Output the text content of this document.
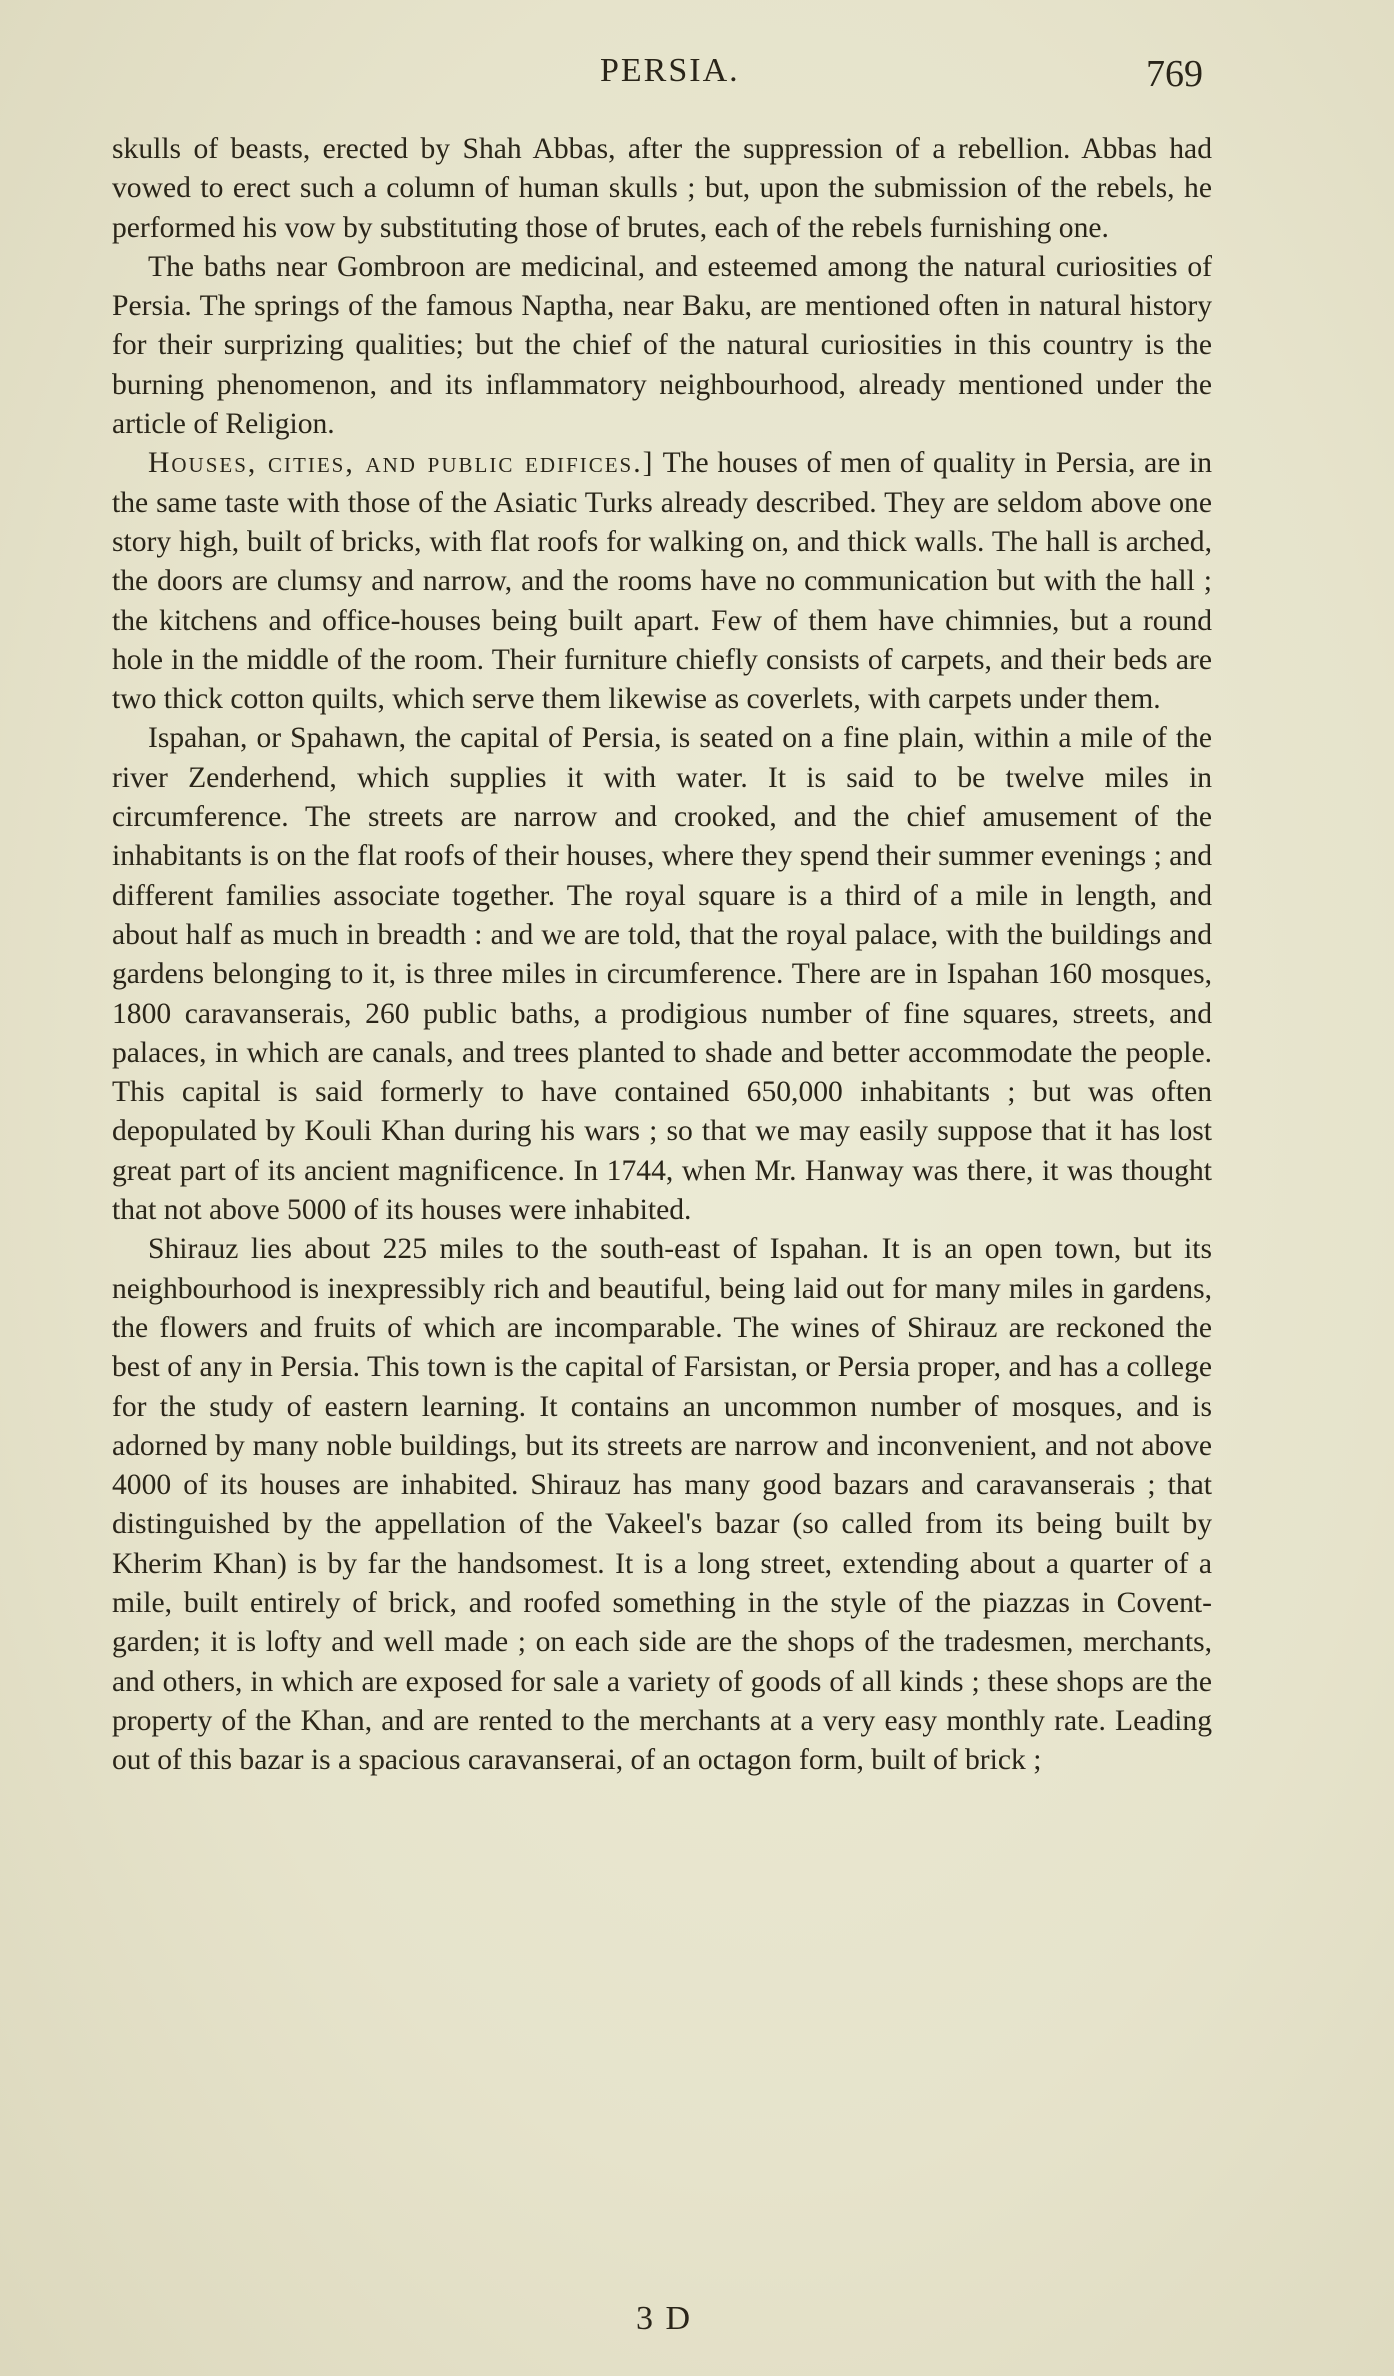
PERSIA.	769

skulls of beasts, erected by Shah Abbas, after the suppression of a rebellion. Abbas had vowed to erect such a column of human skulls ; but, upon the submission of the rebels, he performed his vow by substituting those of brutes, each of the rebels furnishing one.

The baths near Gombroon are medicinal, and esteemed among the natural curiosities of Persia. The springs of the famous Naptha, near Baku, are mentioned often in natural history for their surprizing qualities; but the chief of the natural curiosities in this country is the burning phenomenon, and its inflammatory neighbourhood, already mentioned under the article of Religion.

Houses, cities, and public edifices.] The houses of men of quality in Persia, are in the same taste with those of the Asiatic Turks already described. They are seldom above one story high, built of bricks, with flat roofs for walking on, and thick walls. The hall is arched, the doors are clumsy and narrow, and the rooms have no communication but with the hall ; the kitchens and office-houses being built apart. Few of them have chimnies, but a round hole in the middle of the room. Their furniture chiefly consists of carpets, and their beds are two thick cotton quilts, which serve them likewise as coverlets, with carpets under them.

Ispahan, or Spahawn, the capital of Persia, is seated on a fine plain, within a mile of the river Zenderhend, which supplies it with water. It is said to be twelve miles in circumference. The streets are narrow and crooked, and the chief amusement of the inhabitants is on the flat roofs of their houses, where they spend their summer evenings ; and different families associate together. The royal square is a third of a mile in length, and about half as much in breadth : and we are told, that the royal palace, with the buildings and gardens belonging to it, is three miles in circumference. There are in Ispahan 160 mosques, 1800 caravanserais, 260 public baths, a prodigious number of fine squares, streets, and palaces, in which are canals, and trees planted to shade and better accommodate the people. This capital is said formerly to have contained 650,000 inhabitants ; but was often depopulated by Kouli Khan during his wars ; so that we may easily suppose that it has lost great part of its ancient magnificence. In 1744, when Mr. Hanway was there, it was thought that not above 5000 of its houses were inhabited.

Shirauz lies about 225 miles to the south-east of Ispahan. It is an open town, but its neighbourhood is inexpressibly rich and beautiful, being laid out for many miles in gardens, the flowers and fruits of which are incomparable. The wines of Shirauz are reckoned the best of any in Persia. This town is the capital of Farsistan, or Persia proper, and has a college for the study of eastern learning. It contains an uncommon number of mosques, and is adorned by many noble buildings, but its streets are narrow and inconvenient, and not above 4000 of its houses are inhabited. Shirauz has many good bazars and caravanserais ; that distinguished by the appellation of the Vakeel's bazar (so called from its being built by Kherim Khan) is by far the handsomest. It is a long street, extending about a quarter of a mile, built entirely of brick, and roofed something in the style of the piazzas in Covent-garden; it is lofty and well made ; on each side are the shops of the tradesmen, merchants, and others, in which are exposed for sale a variety of goods of all kinds ; these shops are the property of the Khan, and are rented to the merchants at a very easy monthly rate. Leading out of this bazar is a spacious caravanserai, of an octagon form, built of brick ;

3 D
